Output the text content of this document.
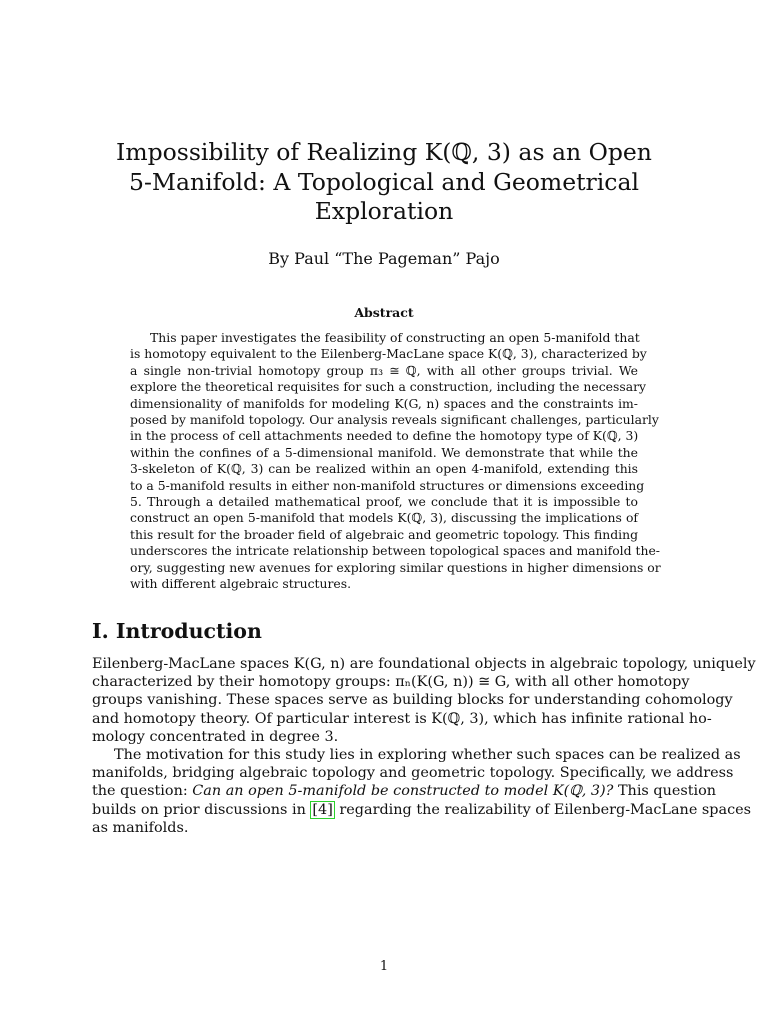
Impossibility of Realizing K(ℚ, 3) as an Open
5-Manifold: A Topological and Geometrical
Exploration
By Paul “The Pageman” Pajo
Abstract
This paper investigates the feasibility of constructing an open 5-manifold that
is homotopy equivalent to the Eilenberg-MacLane space K(ℚ, 3), characterized by
a single non-trivial homotopy group π₃ ≅ ℚ, with all other groups trivial. We
explore the theoretical requisites for such a construction, including the necessary
dimensionality of manifolds for modeling K(G, n) spaces and the constraints im-
posed by manifold topology. Our analysis reveals significant challenges, particularly
in the process of cell attachments needed to define the homotopy type of K(ℚ, 3)
within the confines of a 5-dimensional manifold. We demonstrate that while the
3-skeleton of K(ℚ, 3) can be realized within an open 4-manifold, extending this
to a 5-manifold results in either non-manifold structures or dimensions exceeding
5. Through a detailed mathematical proof, we conclude that it is impossible to
construct an open 5-manifold that models K(ℚ, 3), discussing the implications of
this result for the broader field of algebraic and geometric topology. This finding
underscores the intricate relationship between topological spaces and manifold the-
ory, suggesting new avenues for exploring similar questions in higher dimensions or
with different algebraic structures.
I. Introduction
Eilenberg-MacLane spaces K(G, n) are foundational objects in algebraic topology, uniquely
characterized by their homotopy groups: πₙ(K(G, n)) ≅ G, with all other homotopy
groups vanishing. These spaces serve as building blocks for understanding cohomology
and homotopy theory. Of particular interest is K(ℚ, 3), which has infinite rational ho-
mology concentrated in degree 3.
The motivation for this study lies in exploring whether such spaces can be realized as
manifolds, bridging algebraic topology and geometric topology. Specifically, we address
the question: Can an open 5-manifold be constructed to model K(ℚ, 3)? This question
builds on prior discussions in [4] regarding the realizability of Eilenberg-MacLane spaces
as manifolds.
1
